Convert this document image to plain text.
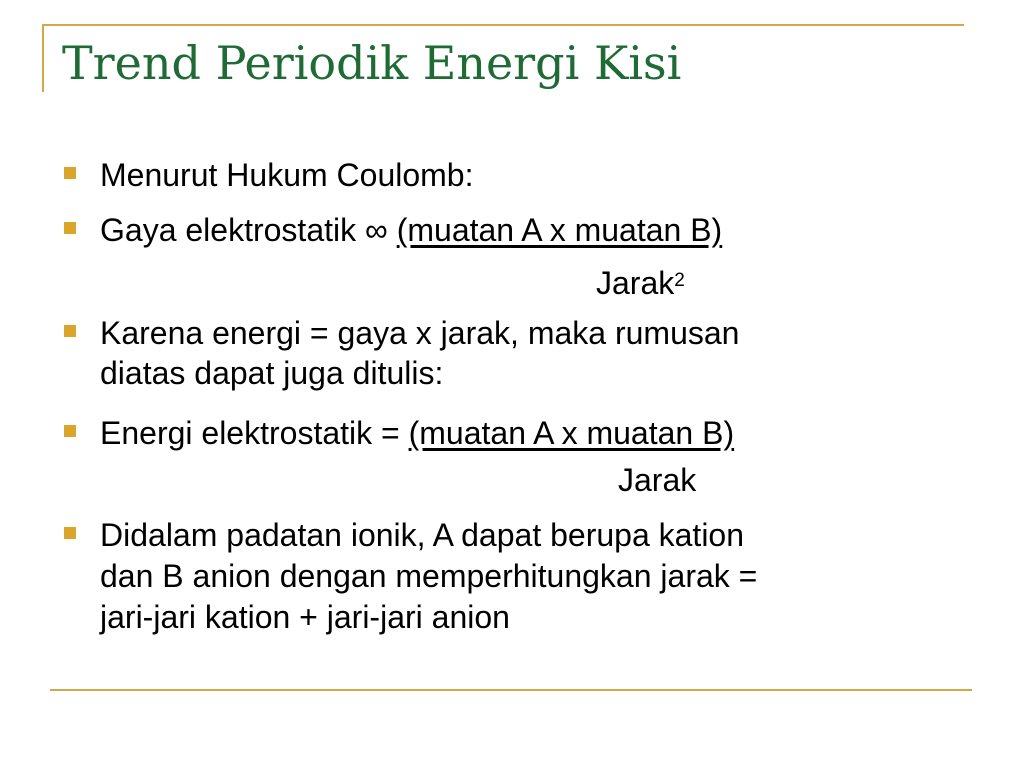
Trend Periodik Energi Kisi
Menurut Hukum Coulomb:
Gaya elektrostatik ∞ (muatan A x muatan B)
Jarak$^2$
Karena energi = gaya x jarak, maka rumusan
diatas dapat juga ditulis:
Energi elektrostatik = (muatan A x muatan B)
Jarak
Didalam padatan ionik, A dapat berupa kation
dan B anion dengan memperhitungkan jarak =
jari-jari kation + jari-jari anion
